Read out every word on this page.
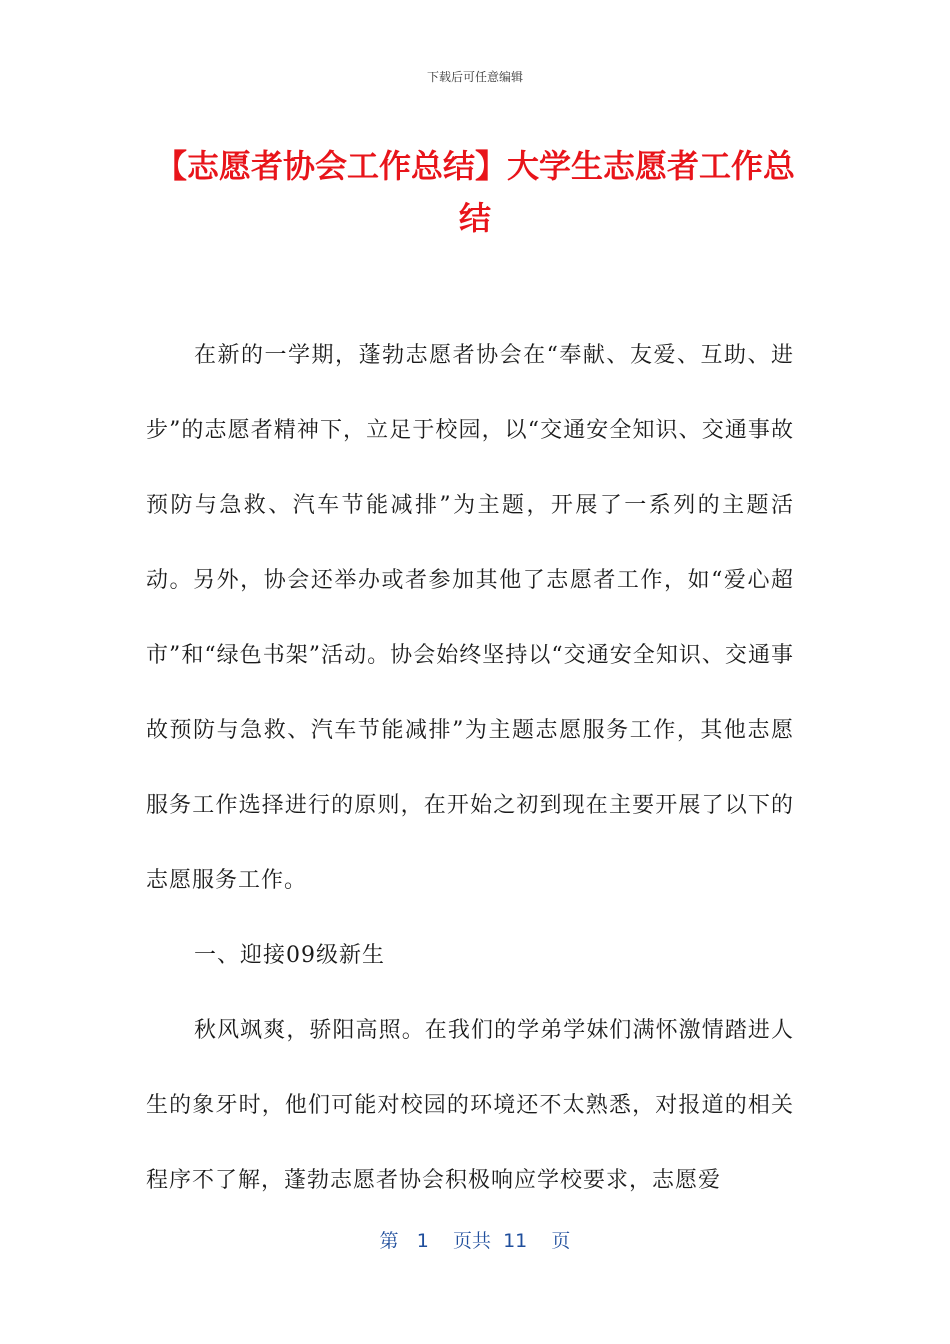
下载后可任意编辑
【志愿者协会工作总结】大学生志愿者工作总结

在新的一学期，蓬勃志愿者协会在“奉献、友爱、互助、进步”的志愿者精神下，立足于校园，以“交通安全知识、交通事故预防与急救、汽车节能减排”为主题，开展了一系列的主题活动。另外，协会还举办或者参加其他了志愿者工作，如“爱心超市”和“绿色书架”活动。协会始终坚持以“交通安全知识、交通事故预防与急救、汽车节能减排”为主题志愿服务工作，其他志愿服务工作选择进行的原则，在开始之初到现在主要开展了以下的志愿服务工作。

一、迎接09级新生

秋风飒爽，骄阳高照。在我们的学弟学妹们满怀激情踏进人生的象牙时，他们可能对校园的环境还不太熟悉，对报道的相关程序不了解，蓬勃志愿者协会积极响应学校要求，志愿爱

第 1 页共 11 页
